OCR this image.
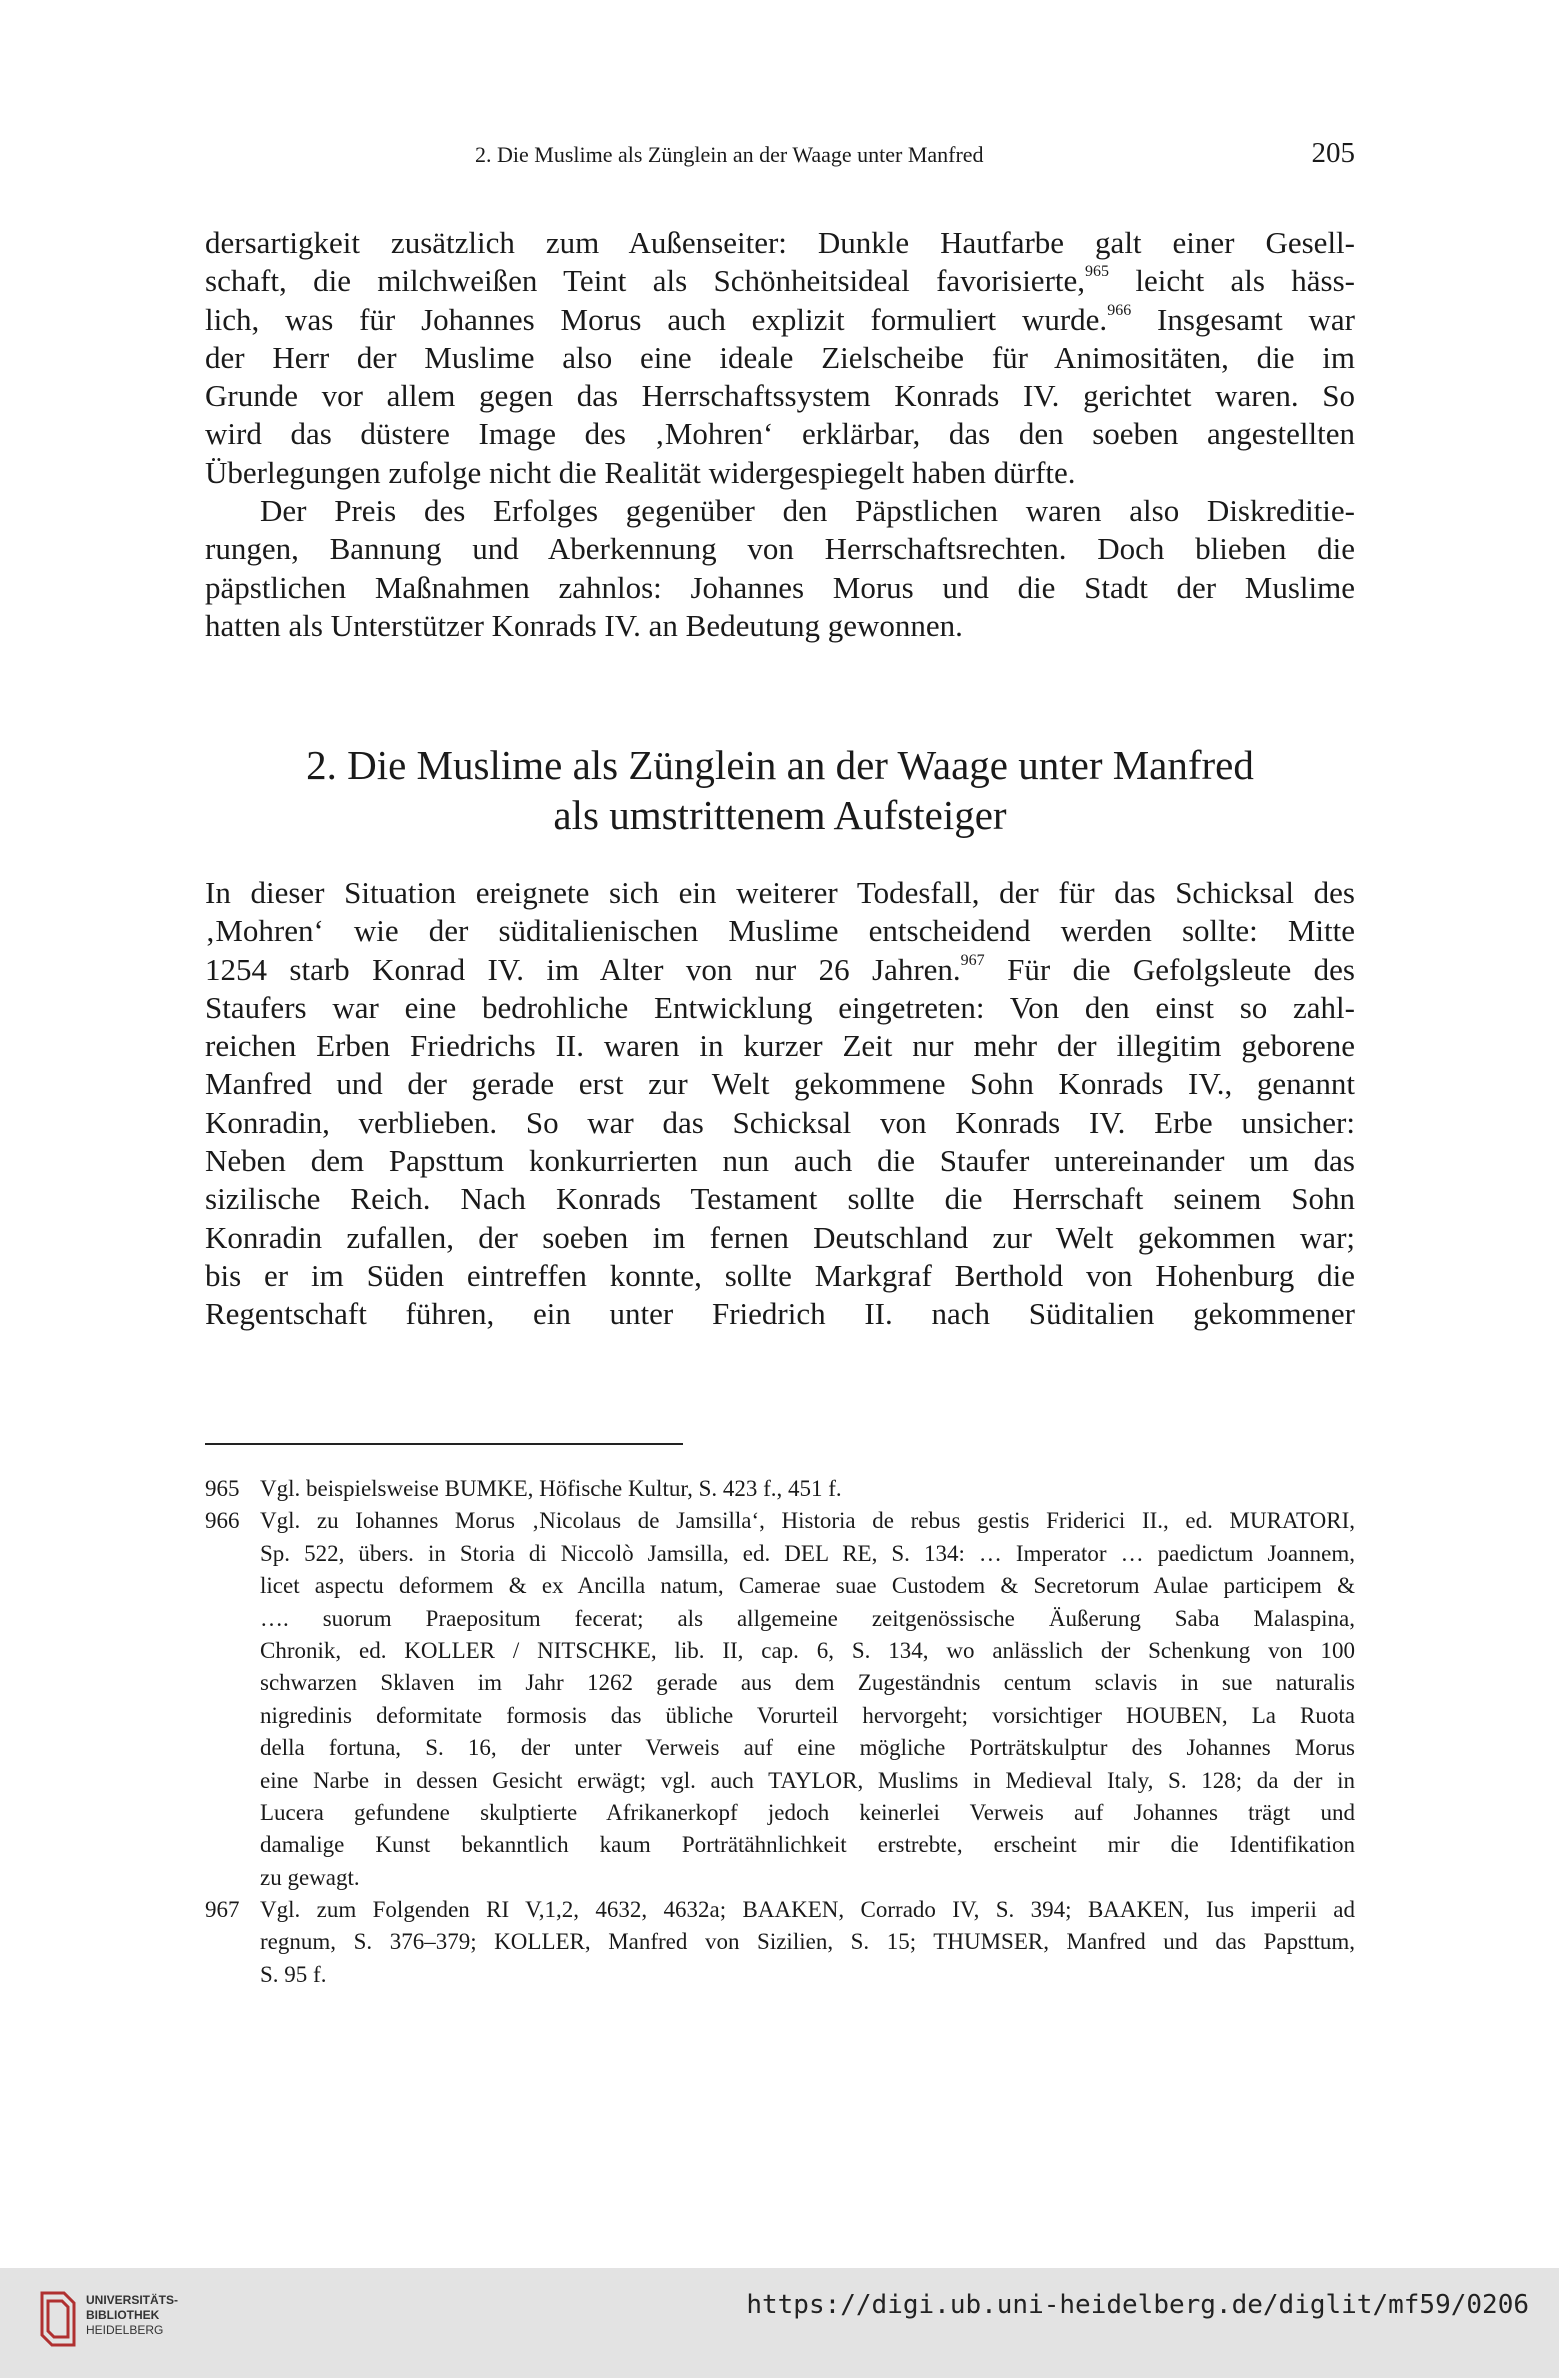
2. Die Muslime als Zünglein an der Waage unter Manfred	205
dersartigkeit zusätzlich zum Außenseiter: Dunkle Hautfarbe galt einer Gesell-
schaft, die milchweißen Teint als Schönheitsideal favorisierte,$^{965}$ leicht als häss-
lich, was für Johannes Morus auch explizit formuliert wurde.$^{966}$ Insgesamt war
der Herr der Muslime also eine ideale Zielscheibe für Animositäten, die im
Grunde vor allem gegen das Herrschaftssystem Konrads IV. gerichtet waren. So
wird das düstere Image des ‚Mohren‘ erklärbar, das den soeben angestellten
Überlegungen zufolge nicht die Realität widergespiegelt haben dürfte.
Der Preis des Erfolges gegenüber den Päpstlichen waren also Diskreditie-
rungen, Bannung und Aberkennung von Herrschaftsrechten. Doch blieben die
päpstlichen Maßnahmen zahnlos: Johannes Morus und die Stadt der Muslime
hatten als Unterstützer Konrads IV. an Bedeutung gewonnen.
2. Die Muslime als Zünglein an der Waage unter Manfred
als umstrittenem Aufsteiger
In dieser Situation ereignete sich ein weiterer Todesfall, der für das Schicksal des
‚Mohren‘ wie der süditalienischen Muslime entscheidend werden sollte: Mitte
1254 starb Konrad IV. im Alter von nur 26 Jahren.$^{967}$ Für die Gefolgsleute des
Staufers war eine bedrohliche Entwicklung eingetreten: Von den einst so zahl-
reichen Erben Friedrichs II. waren in kurzer Zeit nur mehr der illegitim geborene
Manfred und der gerade erst zur Welt gekommene Sohn Konrads IV., genannt
Konradin, verblieben. So war das Schicksal von Konrads IV. Erbe unsicher:
Neben dem Papsttum konkurrierten nun auch die Staufer untereinander um das
sizilische Reich. Nach Konrads Testament sollte die Herrschaft seinem Sohn
Konradin zufallen, der soeben im fernen Deutschland zur Welt gekommen war;
bis er im Süden eintreffen konnte, sollte Markgraf Berthold von Hohenburg die
Regentschaft führen, ein unter Friedrich II. nach Süditalien gekommener
965 Vgl. beispielsweise BUMKE, Höfische Kultur, S. 423 f., 451 f.
966 Vgl. zu Iohannes Morus ‚Nicolaus de Jamsilla‘, Historia de rebus gestis Friderici II., ed. MURATORI,
Sp. 522, übers. in Storia di Niccolò Jamsilla, ed. DEL RE, S. 134: … Imperator … paedictum Joannem,
licet aspectu deformem & ex Ancilla natum, Camerae suae Custodem & Secretorum Aulae participem &
…. suorum Praepositum fecerat; als allgemeine zeitgenössische Äußerung Saba Malaspina,
Chronik, ed. KOLLER / NITSCHKE, lib. II, cap. 6, S. 134, wo anlässlich der Schenkung von 100
schwarzen Sklaven im Jahr 1262 gerade aus dem Zugeständnis centum sclavis in sue naturalis
nigredinis deformitate formosis das übliche Vorurteil hervorgeht; vorsichtiger HOUBEN, La Ruota
della fortuna, S. 16, der unter Verweis auf eine mögliche Porträtskulptur des Johannes Morus
eine Narbe in dessen Gesicht erwägt; vgl. auch TAYLOR, Muslims in Medieval Italy, S. 128; da der in
Lucera gefundene skulptierte Afrikanerkopf jedoch keinerlei Verweis auf Johannes trägt und
damalige Kunst bekanntlich kaum Porträtähnlichkeit erstrebte, erscheint mir die Identifikation
zu gewagt.
967 Vgl. zum Folgenden RI V,1,2, 4632, 4632a; BAAKEN, Corrado IV, S. 394; BAAKEN, Ius imperii ad
regnum, S. 376–379; KOLLER, Manfred von Sizilien, S. 15; THUMSER, Manfred und das Papsttum,
S. 95 f.
UNIVERSITÄTS-
BIBLIOTHEK
HEIDELBERG
https://digi.ub.uni-heidelberg.de/diglit/mf59/0206
